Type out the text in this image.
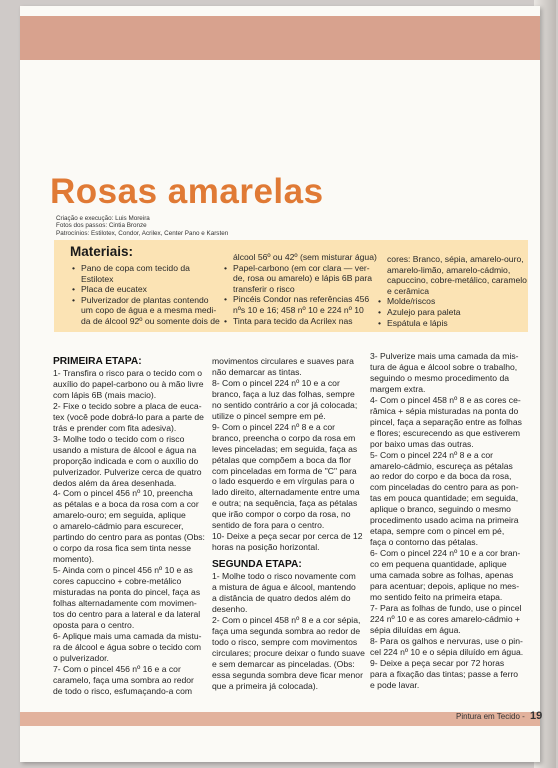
Rosas amarelas
Criação e execução: Luis Moreira
Fotos dos passos: Cintia Bronze
Patrocínios: Estilotex, Condor, Acrilex, Center Pano e Karsten
Materiais:
• Pano de copa com tecido da
Estilotex
• Placa de eucatex
• Pulverizador de plantas contendo
um copo de água e a mesma medi-
da de álcool 92º ou somente dois de
álcool 56º ou 42º (sem misturar água)
• Papel-carbono (em cor clara — ver-
de, rosa ou amarelo) e lápis 6B para
transferir o risco
• Pincéis Condor nas referências 456
nºs 10 e 16; 458 nº 10 e 224 nº 10
• Tinta para tecido da Acrilex nas
cores: Branco, sépia, amarelo-ouro,
amarelo-limão, amarelo-cádmio,
capuccino, cobre-metálico, caramelo
e cerâmica
• Molde/riscos
• Azulejo para paleta
• Espátula e lápis
PRIMEIRA ETAPA:

1- Transfira o risco para o tecido com o

auxílio do papel-carbono ou à mão livre

com lápis 6B (mais macio).

2- Fixe o tecido sobre a placa de euca-

tex (você pode dobrá-lo para a parte de

trás e prender com fita adesiva).

3- Molhe todo o tecido com o risco

usando a mistura de álcool e água na

proporção indicada e com o auxílio do

pulverizador. Pulverize cerca de quatro

dedos além da área desenhada.

4- Com o pincel 456 nº 10, preencha

as pétalas e a boca da rosa com a cor

amarelo-ouro; em seguida, aplique

o amarelo-cádmio para escurecer,

partindo do centro para as pontas (Obs:

o corpo da rosa fica sem tinta nesse

momento).

5- Ainda com o pincel 456 nº 10 e as

cores capuccino + cobre-metálico

misturadas na ponta do pincel, faça as

folhas alternadamente com movimen-

tos do centro para a lateral e da lateral

oposta para o centro.

6- Aplique mais uma camada da mistu-

ra de álcool e água sobre o tecido com

o pulverizador.

7- Com o pincel 456 nº 16 e a cor

caramelo, faça uma sombra ao redor

de todo o risco, esfumaçando-a com

movimentos circulares e suaves para

não demarcar as tintas.

8- Com o pincel 224 nº 10 e a cor

branco, faça a luz das folhas, sempre

no sentido contrário a cor já colocada;

utilize o pincel sempre em pé.

9- Com o pincel 224 nº 8 e a cor

branco, preencha o corpo da rosa em

leves pinceladas; em seguida, faça as

pétalas que compõem a boca da flor

com pinceladas em forma de "C" para

o lado esquerdo e em vírgulas para o

lado direito, alternadamente entre uma

e outra; na sequência, faça as pétalas

que irão compor o corpo da rosa, no

sentido de fora para o centro.

10- Deixe a peça secar por cerca de 12

horas na posição horizontal.

SEGUNDA ETAPA:

1- Molhe todo o risco novamente com

a mistura de água e álcool, mantendo

a distância de quatro dedos além do

desenho.

2- Com o pincel 458 nº 8 e a cor sépia,

faça uma segunda sombra ao redor de

todo o risco, sempre com movimentos

circulares; procure deixar o fundo suave

e sem demarcar as pinceladas. (Obs:

essa segunda sombra deve ficar menor

que a primeira já colocada).

3- Pulverize mais uma camada da mis-

tura de água e álcool sobre o trabalho,

seguindo o mesmo procedimento da

margem extra.

4- Com o pincel 458 nº 8 e as cores ce-

râmica + sépia misturadas na ponta do

pincel, faça a separação entre as folhas

e flores; escurecendo as que estiverem

por baixo umas das outras.

5- Com o pincel 224 nº 8 e a cor

amarelo-cádmio, escureça as pétalas

ao redor do corpo e da boca da rosa,

com pinceladas do centro para as pon-

tas em pouca quantidade; em seguida,

aplique o branco, seguindo o mesmo

procedimento usado acima na primeira

etapa, sempre com o pincel em pé,

faça o contorno das pétalas.

6- Com o pincel 224 nº 10 e a cor bran-

co em pequena quantidade, aplique

uma camada sobre as folhas, apenas

para acentuar; depois, aplique no mes-

mo sentido feito na primeira etapa.

7- Para as folhas de fundo, use o pincel

224 nº 10 e as cores amarelo-cádmio +

sépia diluídas em água.

8- Para os galhos e nervuras, use o pin-

cel 224 nº 10 e o sépia diluído em água.

9- Deixe a peça secar por 72 horas

para a fixação das tintas; passe a ferro

e pode lavar.

Pintura em Tecido - 19
